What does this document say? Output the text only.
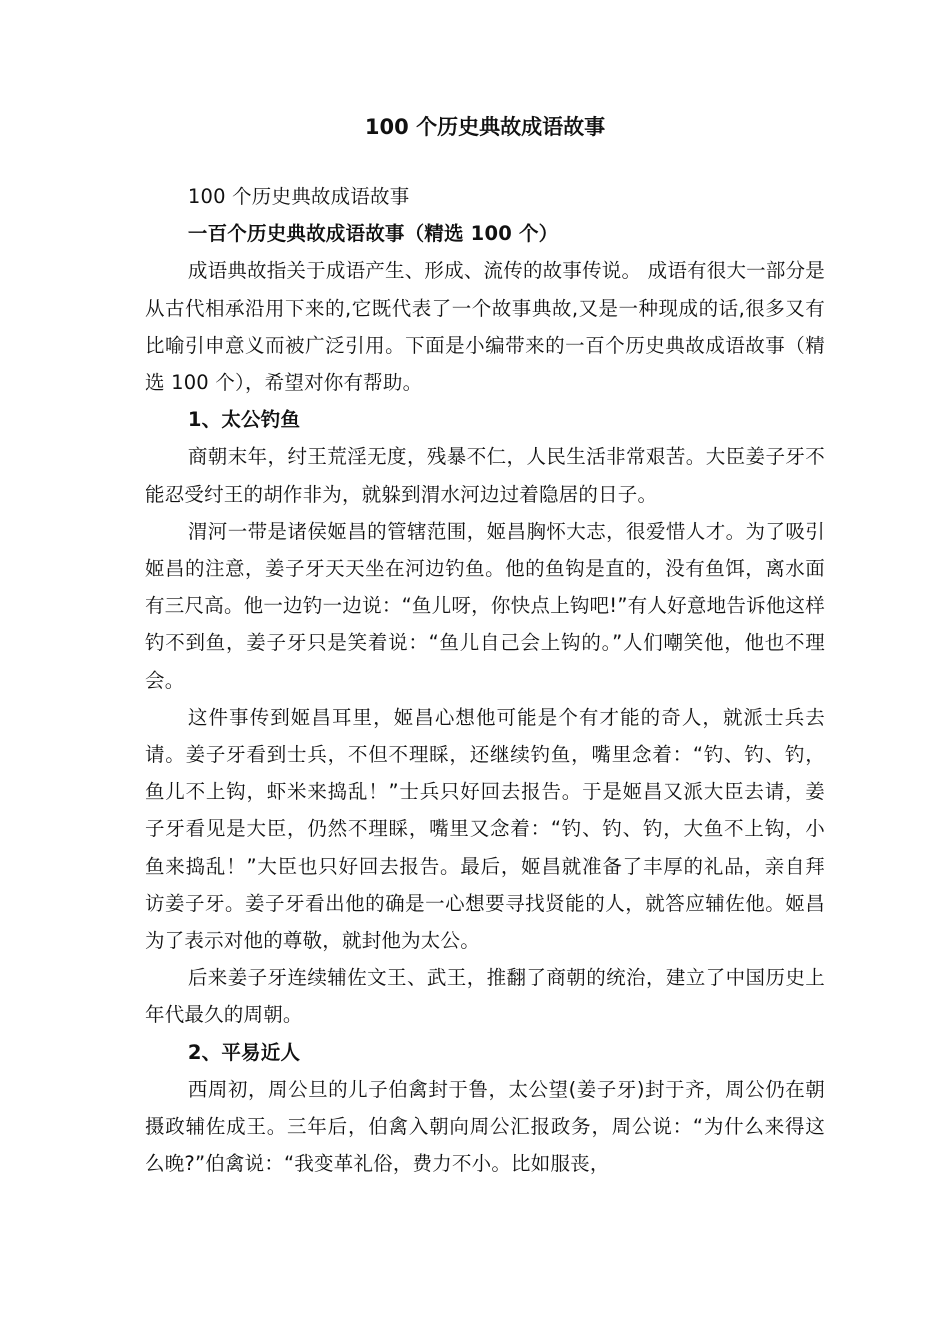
100 个历史典故成语故事

100 个历史典故成语故事

一百个历史典故成语故事（精选 100 个）

成语典故指关于成语产生、形成、流传的故事传说。 成语有很大一部分是从古代相承沿用下来的,它既代表了一个故事典故,又是一种现成的话,很多又有比喻引申意义而被广泛引用。下面是小编带来的一百个历史典故成语故事（精选 100 个），希望对你有帮助。

1、太公钓鱼

商朝末年，纣王荒淫无度，残暴不仁，人民生活非常艰苦。大臣姜子牙不能忍受纣王的胡作非为，就躲到渭水河边过着隐居的日子。

渭河一带是诸侯姬昌的管辖范围，姬昌胸怀大志，很爱惜人才。为了吸引姬昌的注意，姜子牙天天坐在河边钓鱼。他的鱼钩是直的，没有鱼饵，离水面有三尺高。他一边钓一边说：“鱼儿呀，你快点上钩吧!”有人好意地告诉他这样钓不到鱼，姜子牙只是笑着说：“鱼儿自己会上钩的。”人们嘲笑他，他也不理会。

这件事传到姬昌耳里，姬昌心想他可能是个有才能的奇人，就派士兵去请。姜子牙看到士兵，不但不理睬，还继续钓鱼，嘴里念着：“钓、钓、钓，鱼儿不上钩，虾米来捣乱！”士兵只好回去报告。于是姬昌又派大臣去请，姜子牙看见是大臣，仍然不理睬，嘴里又念着：“钓、钓、钓，大鱼不上钩，小鱼来捣乱！”大臣也只好回去报告。最后，姬昌就准备了丰厚的礼品，亲自拜访姜子牙。姜子牙看出他的确是一心想要寻找贤能的人，就答应辅佐他。姬昌为了表示对他的尊敬，就封他为太公。

后来姜子牙连续辅佐文王、武王，推翻了商朝的统治，建立了中国历史上年代最久的周朝。

2、平易近人

西周初，周公旦的儿子伯禽封于鲁，太公望(姜子牙)封于齐，周公仍在朝摄政辅佐成王。三年后，伯禽入朝向周公汇报政务，周公说：“为什么来得这么晚?”伯禽说：“我变革礼俗，费力不小。比如服丧，
